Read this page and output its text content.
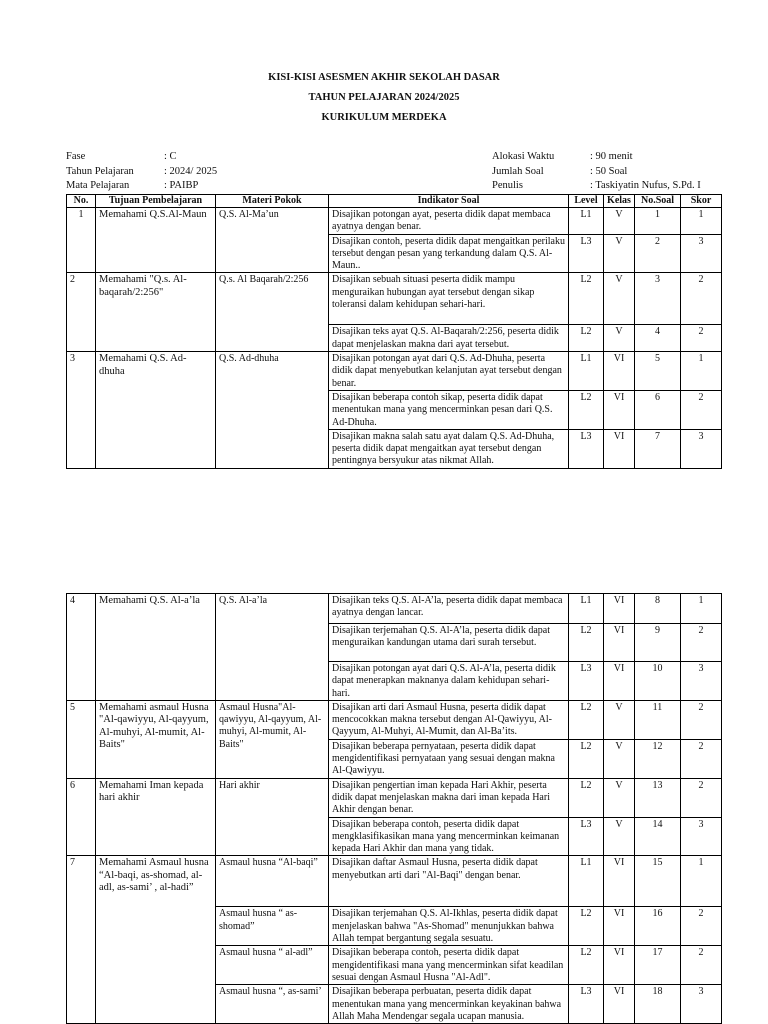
KISI-KISI ASESMEN AKHIR SEKOLAH DASAR
TAHUN PELAJARAN 2024/2025
KURIKULUM MERDEKA
Fase	: C
Tahun Pelajaran	: 2024/ 2025
Mata Pelajaran	: PAIBP
Alokasi Waktu	: 90 menit
Jumlah Soal	: 50 Soal
Penulis	: Taskiyatin Nufus, S.Pd. I
No.	Tujuan Pembelajaran	Materi Pokok	Indikator Soal	Level	Kelas	No.Soal	Skor
1	Memahami Q.S.Al-Maun	Q.S. Al-Ma’un	Disajikan potongan ayat, peserta didik dapat membaca ayatnya dengan benar.	L1	V	1	1
			Disajikan contoh, peserta didik dapat mengaitkan perilaku tersebut dengan pesan yang terkandung dalam Q.S. Al-Maun..	L3	V	2	3
2	Memahami "Q.s. Al-baqarah/2:256"	Q.s. Al Baqarah/2:256	Disajikan sebuah situasi peserta didik mampu menguraikan hubungan ayat tersebut dengan sikap toleransi dalam kehidupan sehari-hari.	L2	V	3	2
			Disajikan teks ayat Q.S. Al-Baqarah/2:256, peserta didik dapat menjelaskan makna dari ayat tersebut.	L2	V	4	2
3	Memahami Q.S. Ad-dhuha	Q.S. Ad-dhuha	Disajikan potongan ayat dari Q.S. Ad-Dhuha, peserta didik dapat menyebutkan kelanjutan ayat tersebut dengan benar.	L1	VI	5	1
			Disajikan beberapa contoh sikap, peserta didik dapat menentukan mana yang mencerminkan pesan dari Q.S. Ad-Dhuha.	L2	VI	6	2
			Disajikan makna salah satu ayat dalam Q.S. Ad-Dhuha, peserta didik dapat mengaitkan ayat tersebut dengan pentingnya bersyukur atas nikmat Allah.	L3	VI	7	3
4	Memahami Q.S. Al-a’la	Q.S. Al-a’la	Disajikan teks Q.S. Al-A’la, peserta didik dapat membaca ayatnya dengan lancar.	L1	VI	8	1
			Disajikan terjemahan Q.S. Al-A’la, peserta didik dapat menguraikan kandungan utama dari surah tersebut.	L2	VI	9	2
			Disajikan potongan ayat dari Q.S. Al-A’la, peserta didik dapat menerapkan maknanya dalam kehidupan sehari-hari.	L3	VI	10	3
5	Memahami asmaul Husna "Al-qawiyyu, Al-qayyum, Al-muhyi, Al-mumit, Al-Baits"	Asmaul Husna"Al-qawiyyu, Al-qayyum, Al-muhyi, Al-mumit, Al-Baits"	Disajikan arti dari Asmaul Husna, peserta didik dapat mencocokkan makna tersebut dengan Al-Qawiyyu, Al-Qayyum, Al-Muhyi, Al-Mumit, dan Al-Ba’its.	L2	V	11	2
			Disajikan beberapa pernyataan, peserta didik dapat mengidentifikasi pernyataan yang sesuai dengan makna Al-Qawiyyu.	L2	V	12	2
6	Memahami Iman kepada hari akhir	Hari akhir	Disajikan pengertian iman kepada Hari Akhir, peserta didik dapat menjelaskan makna dari iman kepada Hari Akhir dengan benar.	L2	V	13	2
			Disajikan beberapa contoh, peserta didik dapat mengklasifikasikan mana yang mencerminkan keimanan kepada Hari Akhir dan mana yang tidak.	L3	V	14	3
7	Memahami Asmaul husna “Al-baqi, as-shomad, al-adl, as-sami’ , al-hadi”	Asmaul husna “Al-baqi”	Disajikan daftar Asmaul Husna, peserta didik dapat menyebutkan arti dari "Al-Baqi" dengan benar.	L1	VI	15	1
		Asmaul husna “ as-shomad”	Disajikan terjemahan Q.S. Al-Ikhlas, peserta didik dapat menjelaskan bahwa "As-Shomad" menunjukkan bahwa Allah tempat bergantung segala sesuatu.	L2	VI	16	2
		Asmaul husna “ al-adl”	Disajikan beberapa contoh, peserta didik dapat mengidentifikasi mana yang mencerminkan sifat keadilan sesuai dengan Asmaul Husna "Al-Adl".	L2	VI	17	2
		Asmaul husna “, as-sami’	Disajikan beberapa perbuatan, peserta didik dapat menentukan mana yang mencerminkan keyakinan bahwa Allah Maha Mendengar segala ucapan manusia.	L3	VI	18	3
